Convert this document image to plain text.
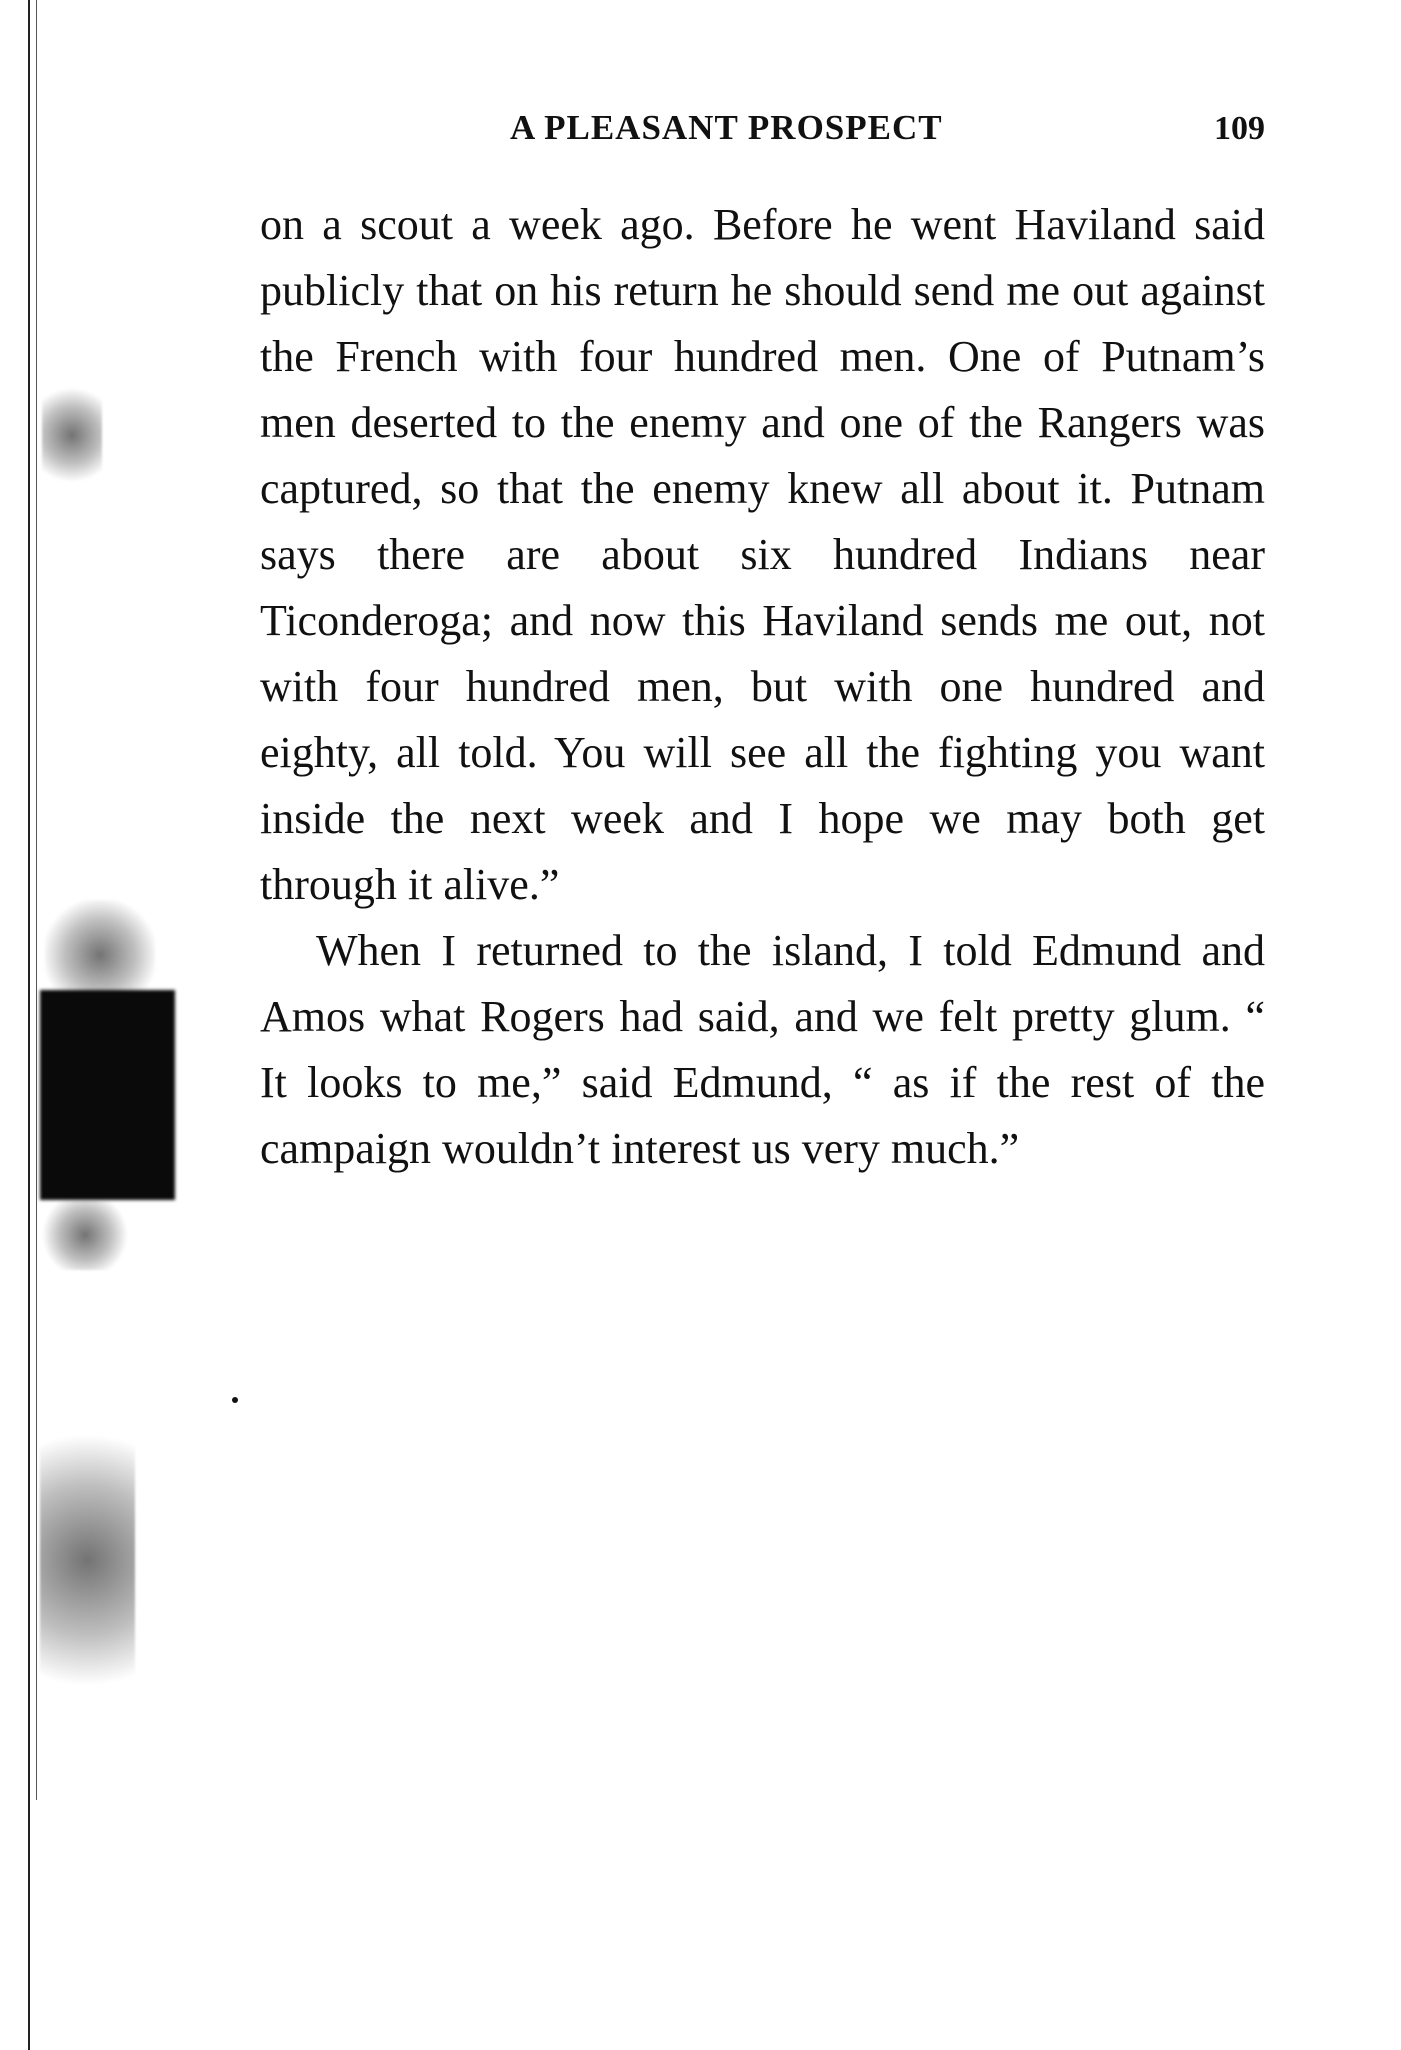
A PLEASANT PROSPECT	109

on a scout a week ago. Before he went Haviland said publicly that on his return he should send me out against the French with four hundred men. One of Putnam’s men deserted to the enemy and one of the Rangers was captured, so that the enemy knew all about it. Putnam says there are about six hundred Indians near Ticonderoga; and now this Haviland sends me out, not with four hundred men, but with one hundred and eighty, all told. You will see all the fighting you want inside the next week and I hope we may both get through it alive.”

When I returned to the island, I told Edmund and Amos what Rogers had said, and we felt pretty glum. “ It looks to me,” said Edmund, “ as if the rest of the campaign wouldn’t interest us very much.”
